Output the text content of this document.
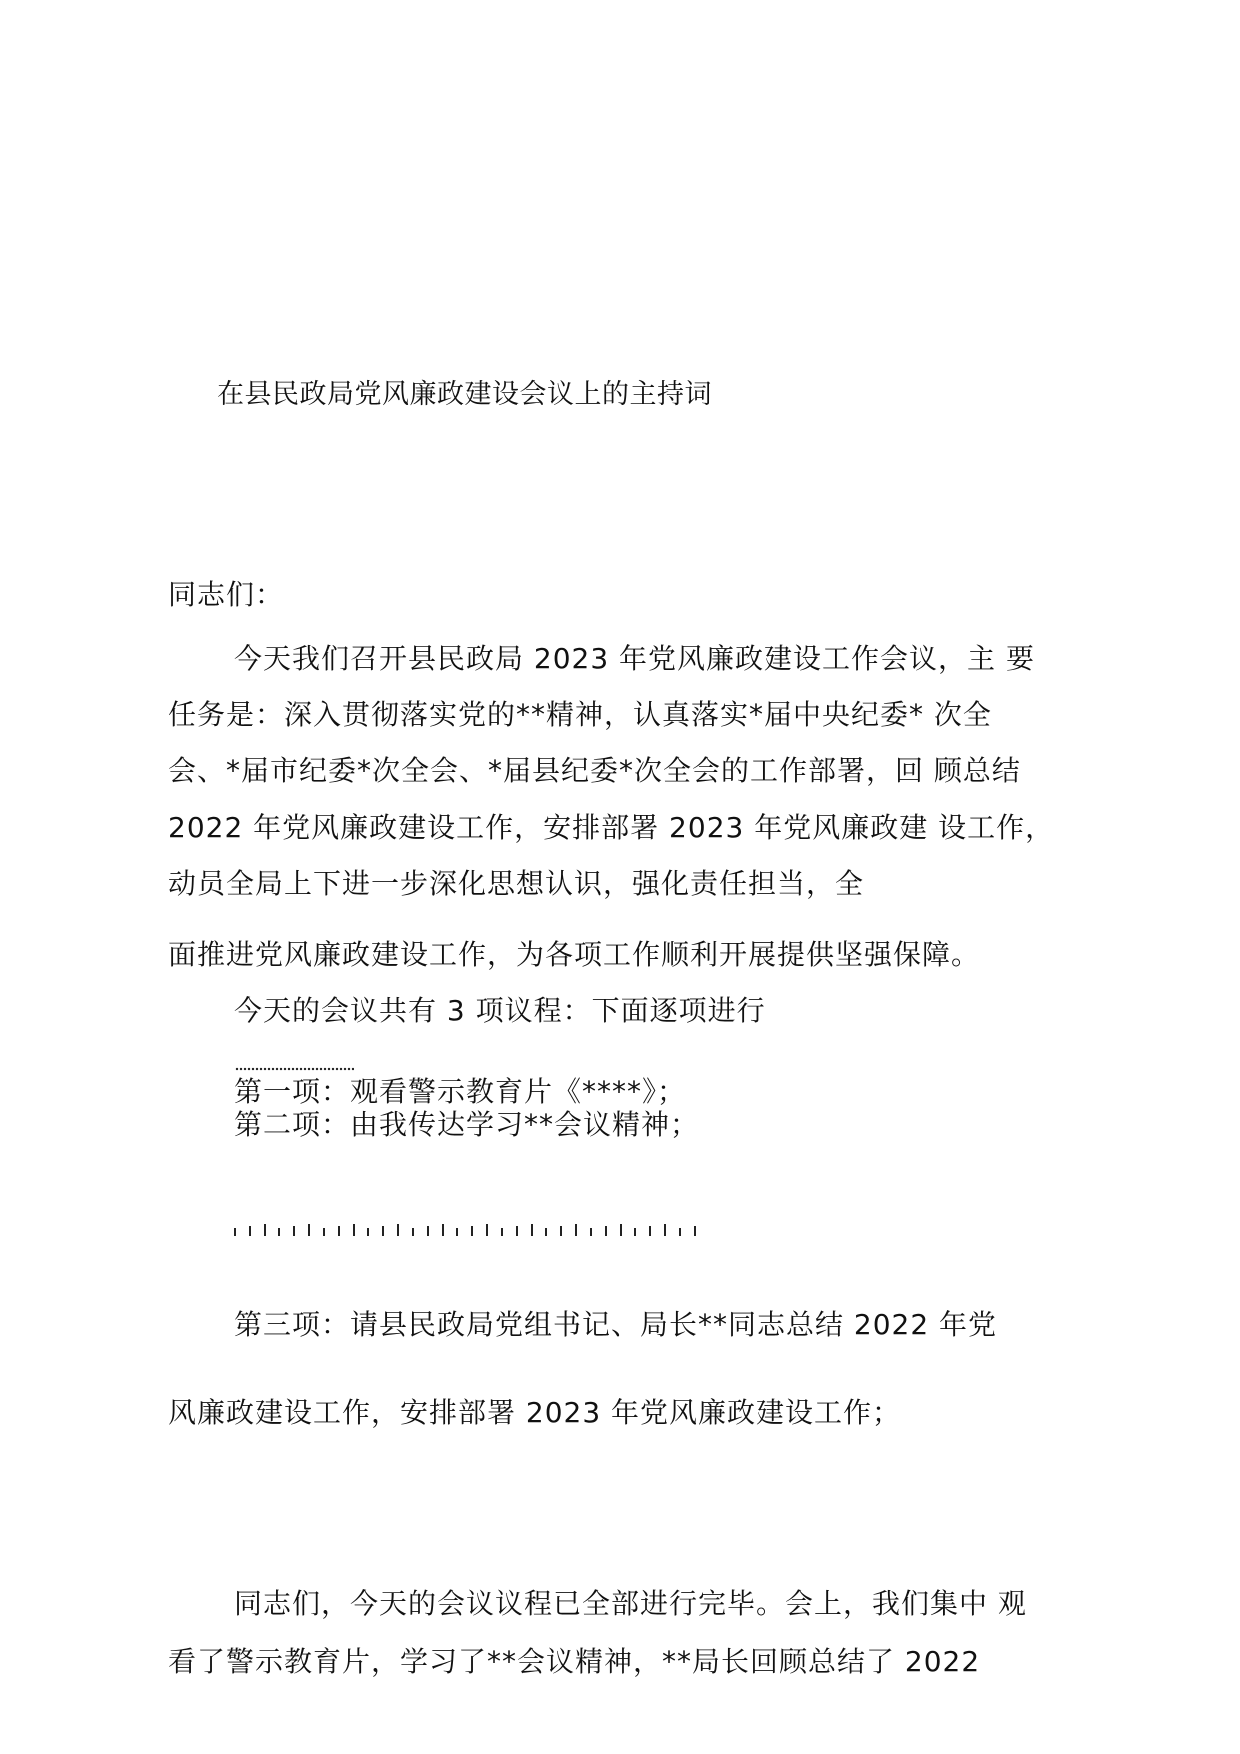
在县民政局党风廉政建设会议上的主持词
同志们：
今天我们召开县民政局 2023 年党风廉政建设工作会议，主 要
任务是：深入贯彻落实党的**精神，认真落实*届中央纪委* 次全
会、*届市纪委*次全会、*届县纪委*次全会的工作部署，回 顾总结
2022 年党风廉政建设工作，安排部署 2023 年党风廉政建 设工作，
动员全局上下进一步深化思想认识，强化责任担当，全
面推进党风廉政建设工作，为各项工作顺利开展提供坚强保障。
今天的会议共有 3 项议程：下面逐项进行
第一项：观看警示教育片《****》；
第二项：由我传达学习**会议精神；
第三项：请县民政局党组书记、局长**同志总结 2022 年党
风廉政建设工作，安排部署 2023 年党风廉政建设工作；
同志们，今天的会议议程已全部进行完毕。会上，我们集中 观
看了警示教育片，学习了**会议精神，**局长回顾总结了 2022
